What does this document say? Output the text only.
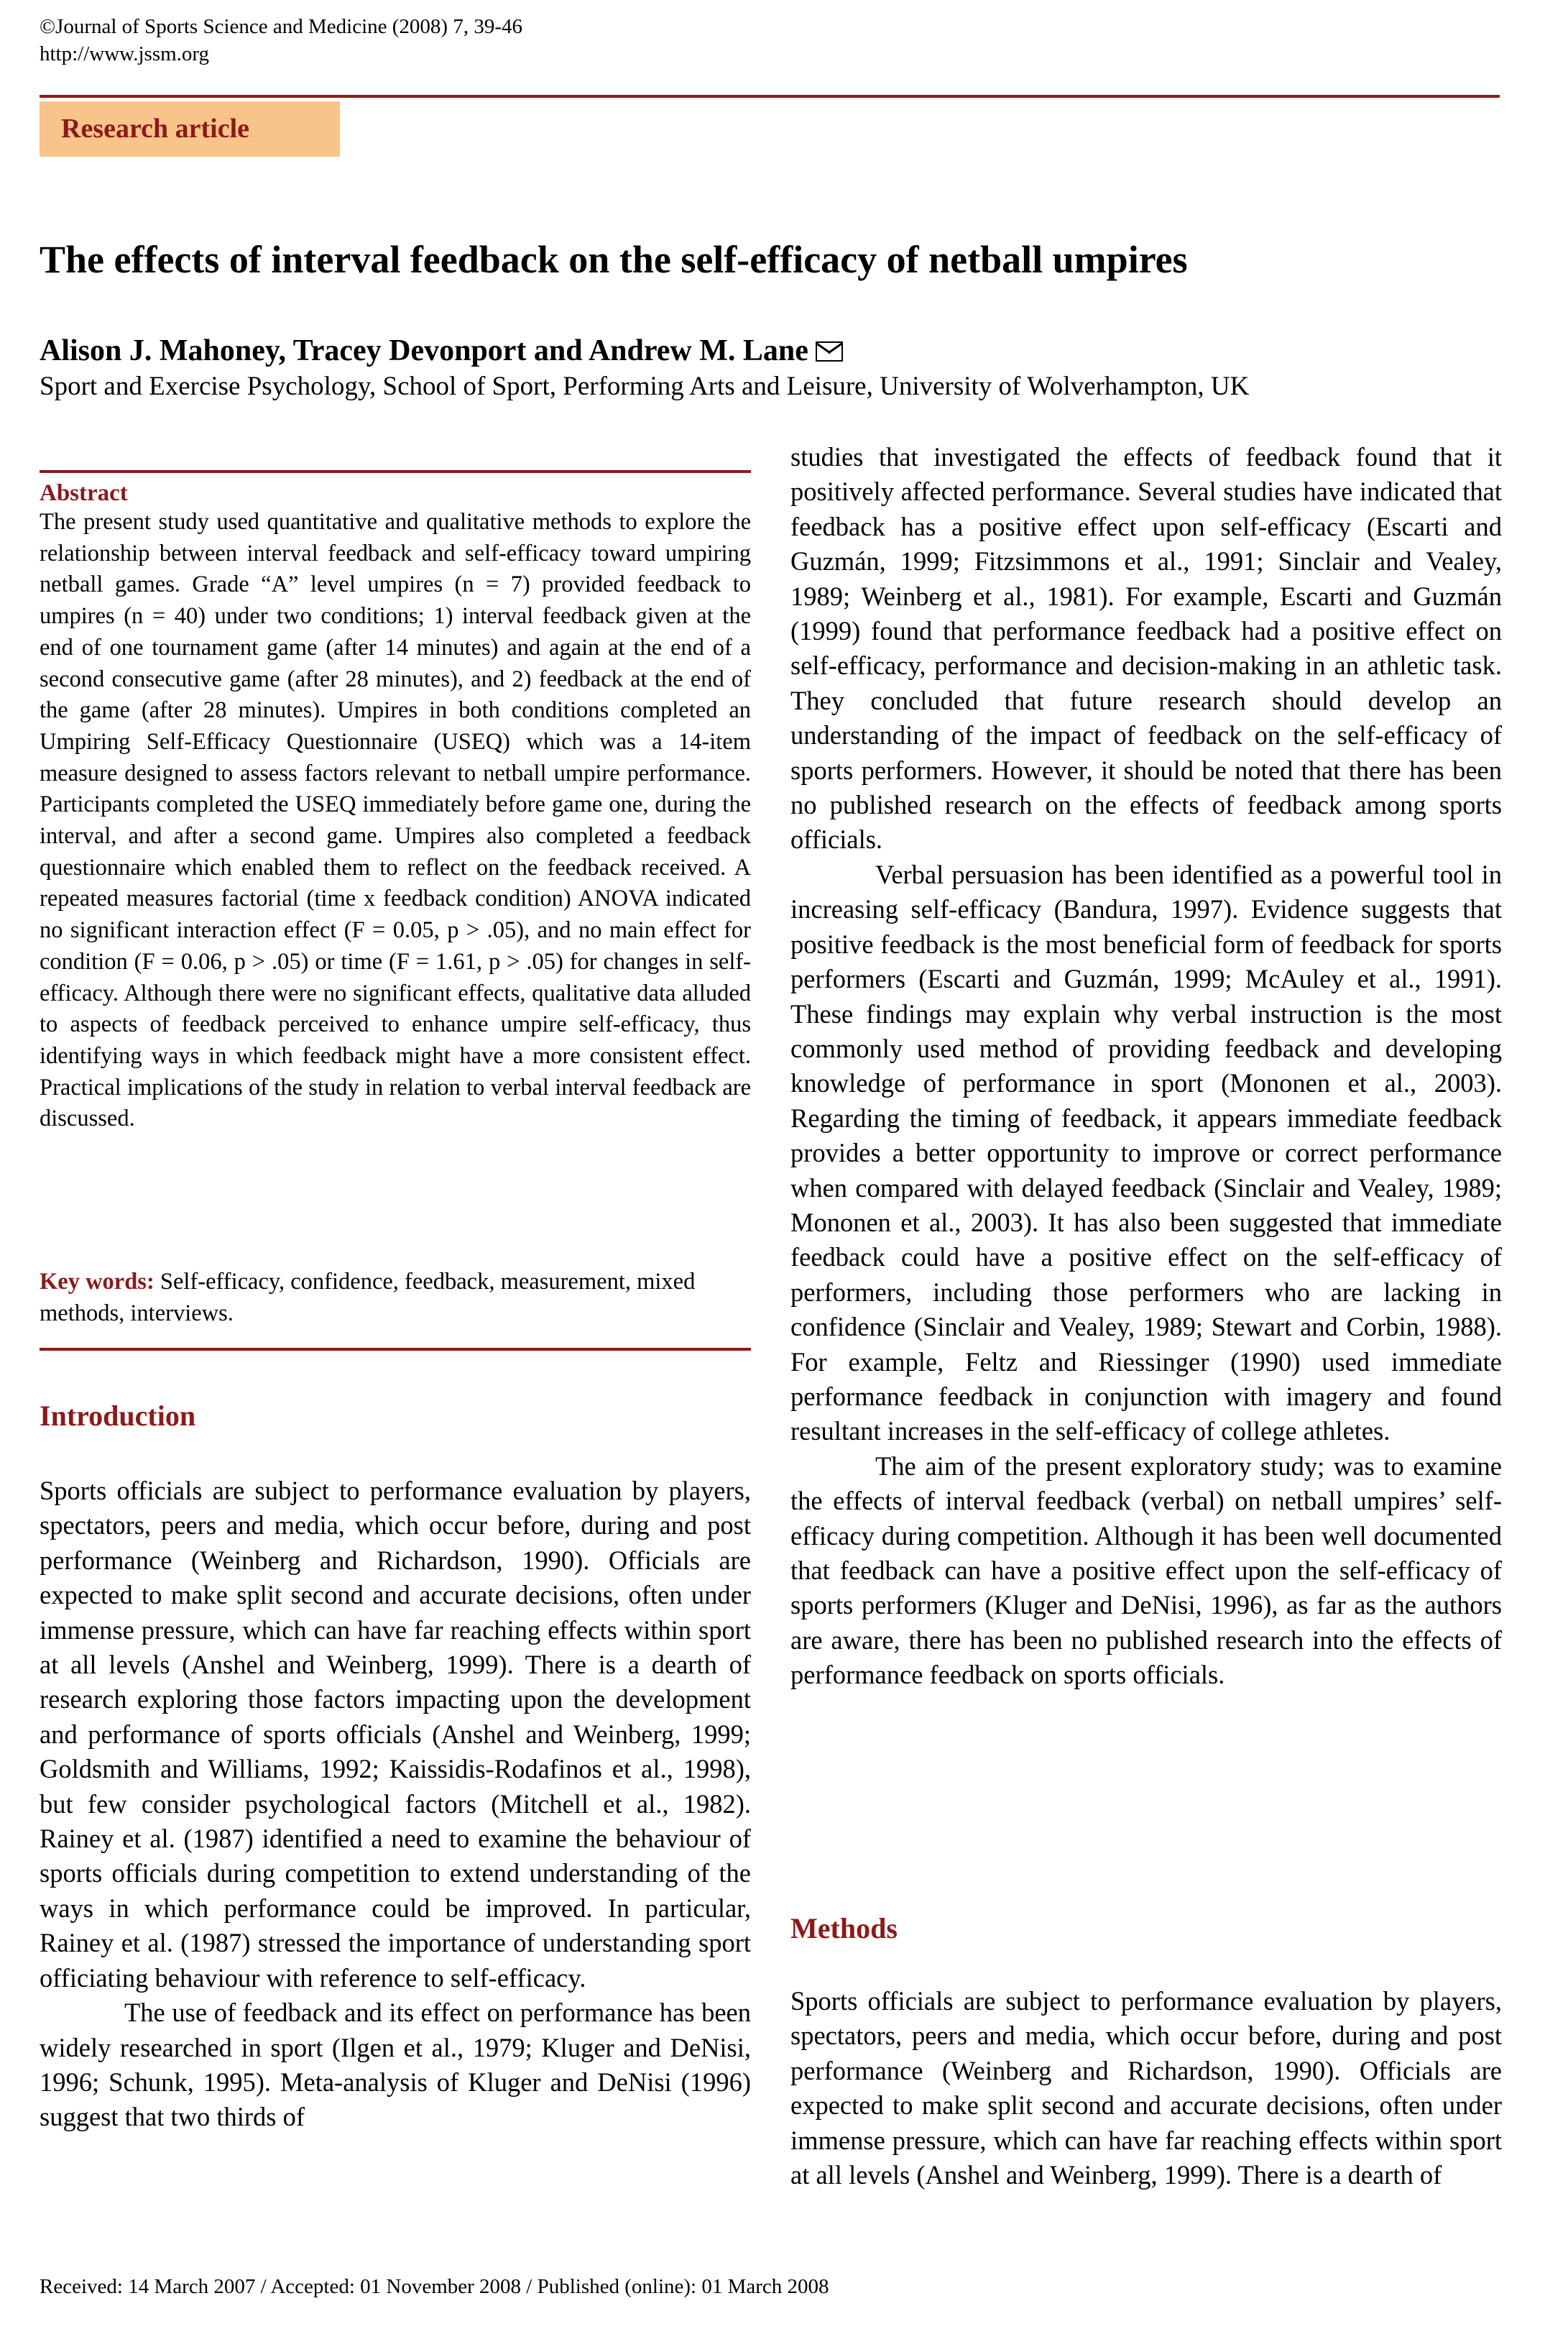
©Journal of Sports Science and Medicine (2008) 7, 39-46
http://www.jssm.org
Research article
The effects of interval feedback on the self-efficacy of netball umpires
Alison J. Mahoney, Tracey Devonport and Andrew M. Lane
Sport and Exercise Psychology, School of Sport, Performing Arts and Leisure, University of Wolverhampton, UK
Abstract

The present study used quantitative and qualitative methods to explore the relationship between interval feedback and self-efficacy toward umpiring netball games. Grade “A” level umpires (n = 7) provided feedback to umpires (n = 40) under two conditions; 1) interval feedback given at the end of one tournament game (after 14 minutes) and again at the end of a second consecutive game (after 28 minutes), and 2) feedback at the end of the game (after 28 minutes). Umpires in both conditions completed an Umpiring Self-Efficacy Questionnaire (USEQ) which was a 14-item measure designed to assess factors relevant to netball umpire performance. Participants completed the USEQ immediately before game one, during the interval, and after a second game. Umpires also completed a feedback questionnaire which enabled them to reflect on the feedback received. A repeated measures factorial (time x feedback condition) ANOVA indicated no significant interaction effect (F = 0.05, p > .05), and no main effect for condition (F = 0.06, p > .05) or time (F = 1.61, p > .05) for changes in self-efficacy. Although there were no significant effects, qualitative data alluded to aspects of feedback perceived to enhance umpire self-efficacy, thus identifying ways in which feedback might have a more consistent effect. Practical implications of the study in relation to verbal interval feedback are discussed.

Key words: Self-efficacy, confidence, feedback, measurement, mixed methods, interviews.
Introduction

Sports officials are subject to performance evaluation by players, spectators, peers and media, which occur before, during and post performance (Weinberg and Richardson, 1990). Officials are expected to make split second and accurate decisions, often under immense pressure, which can have far reaching effects within sport at all levels (Anshel and Weinberg, 1999). There is a dearth of research exploring those factors impacting upon the development and performance of sports officials (Anshel and Weinberg, 1999; Goldsmith and Williams, 1992; Kaissidis-Rodafinos et al., 1998), but few consider psychological factors (Mitchell et al., 1982). Rainey et al. (1987) identified a need to examine the behaviour of sports officials during competition to extend understanding of the ways in which performance could be improved. In particular, Rainey et al. (1987) stressed the importance of understanding sport officiating behaviour with reference to self-efficacy.

The use of feedback and its effect on performance has been widely researched in sport (Ilgen et al., 1979; Kluger and DeNisi, 1996; Schunk, 1995). Meta-analysis of Kluger and DeNisi (1996) suggest that two thirds of

studies that investigated the effects of feedback found that it positively affected performance. Several studies have indicated that feedback has a positive effect upon self-efficacy (Escarti and Guzmán, 1999; Fitzsimmons et al., 1991; Sinclair and Vealey, 1989; Weinberg et al., 1981). For example, Escarti and Guzmán (1999) found that performance feedback had a positive effect on self-efficacy, performance and decision-making in an athletic task. They concluded that future research should develop an understanding of the impact of feedback on the self-efficacy of sports performers. However, it should be noted that there has been no published research on the effects of feedback among sports officials.

Verbal persuasion has been identified as a powerful tool in increasing self-efficacy (Bandura, 1997). Evidence suggests that positive feedback is the most beneficial form of feedback for sports performers (Escarti and Guzmán, 1999; McAuley et al., 1991). These findings may explain why verbal instruction is the most commonly used method of providing feedback and developing knowledge of performance in sport (Mononen et al., 2003). Regarding the timing of feedback, it appears immediate feedback provides a better opportunity to improve or correct performance when compared with delayed feedback (Sinclair and Vealey, 1989; Mononen et al., 2003). It has also been suggested that immediate feedback could have a positive effect on the self-efficacy of performers, including those performers who are lacking in confidence (Sinclair and Vealey, 1989; Stewart and Corbin, 1988). For example, Feltz and Riessinger (1990) used immediate performance feedback in conjunction with imagery and found resultant increases in the self-efficacy of college athletes.

The aim of the present exploratory study; was to examine the effects of interval feedback (verbal) on netball umpires’ self-efficacy during competition. Although it has been well documented that feedback can have a positive effect upon the self-efficacy of sports performers (Kluger and DeNisi, 1996), as far as the authors are aware, there has been no published research into the effects of performance feedback on sports officials.

Methods

Sports officials are subject to performance evaluation by players, spectators, peers and media, which occur before, during and post performance (Weinberg and Richardson, 1990). Officials are expected to make split second and accurate decisions, often under immense pressure, which can have far reaching effects within sport at all levels (Anshel and Weinberg, 1999). There is a dearth of

Received: 14 March 2007 / Accepted: 01 November 2008 / Published (online): 01 March 2008
